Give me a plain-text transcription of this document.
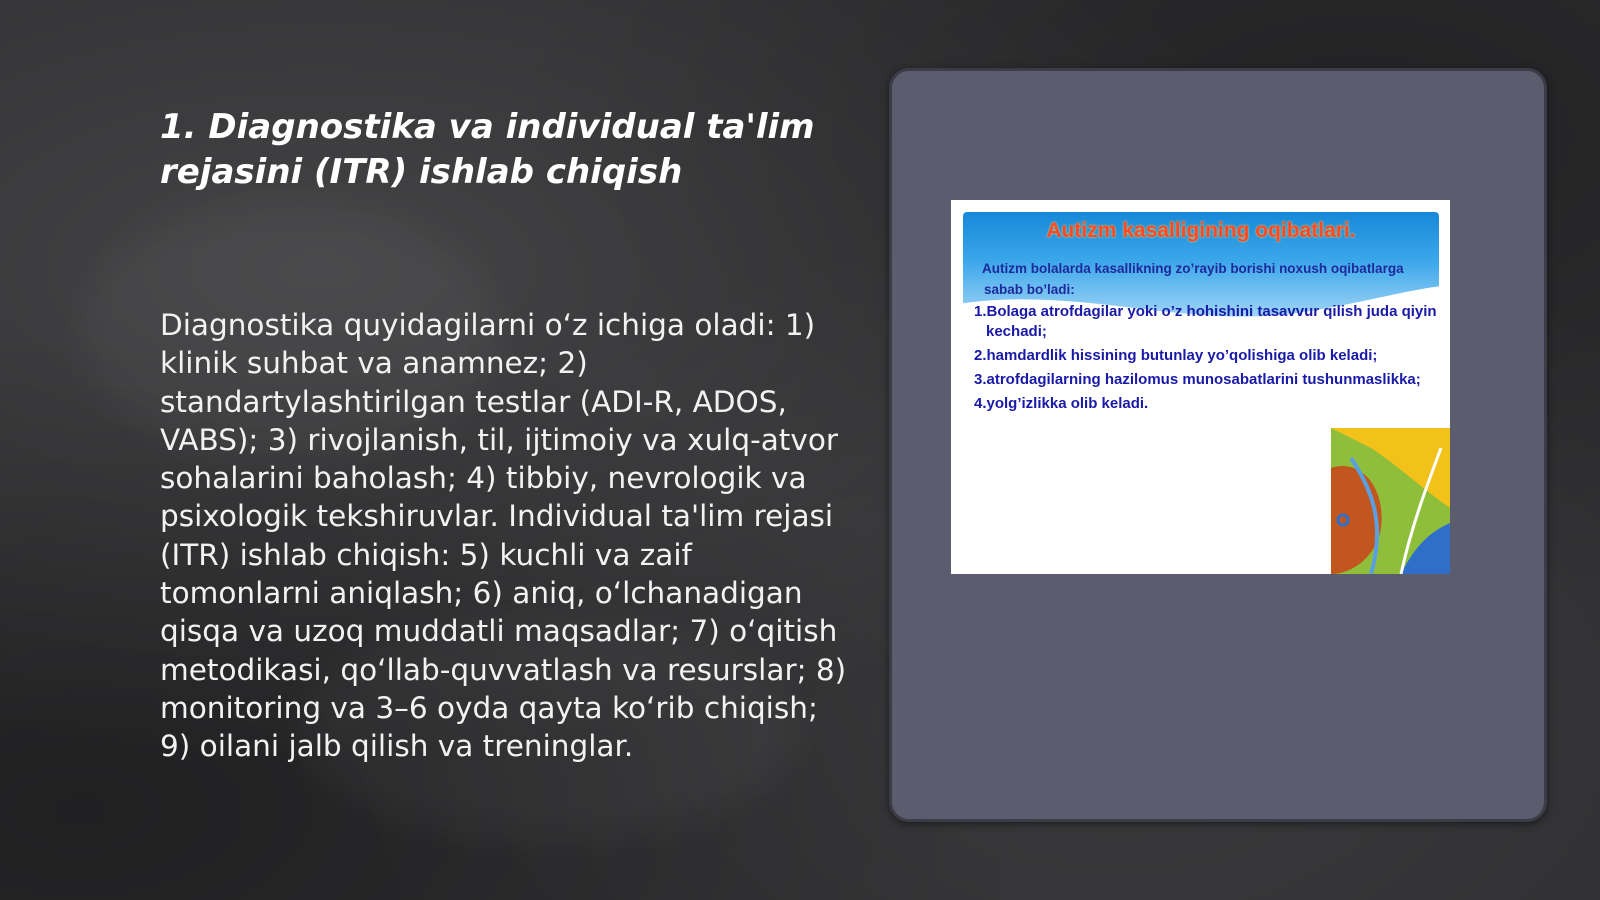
1. Diagnostika va individual ta'lim rejasini (ITR) ishlab chiqish

Diagnostika quyidagilarni o‘z ichiga oladi: 1) klinik suhbat va anamnez; 2) standartylashtirilgan testlar (ADI-R, ADOS, VABS); 3) rivojlanish, til, ijtimoiy va xulq-atvor sohalarini baholash; 4) tibbiy, nevrologik va psixologik tekshiruvlar. Individual ta'lim rejasi (ITR) ishlab chiqish: 5) kuchli va zaif tomonlarni aniqlash; 6) aniq, o‘lchanadigan qisqa va uzoq muddatli maqsadlar; 7) o‘qitish metodikasi, qo‘llab-quvvatlash va resurslar; 8) monitoring va 3–6 oyda qayta ko‘rib chiqish; 9) oilani jalb qilish va treninglar.

Autizm kasalligining oqibatlari.

Autizm bolalarda kasallikning zo’rayib borishi noxush oqibatlarga sabab bo’ladi:

1.Bolaga atrofdagilar yoki o’z hohishini tasavvur qilish juda qiyin kechadi;
2.hamdardlik hissining butunlay yo’qolishiga olib keladi;
3.atrofdagilarning hazilomus munosabatlarini tushunmaslikka;
4.yolg’izlikka olib keladi.
